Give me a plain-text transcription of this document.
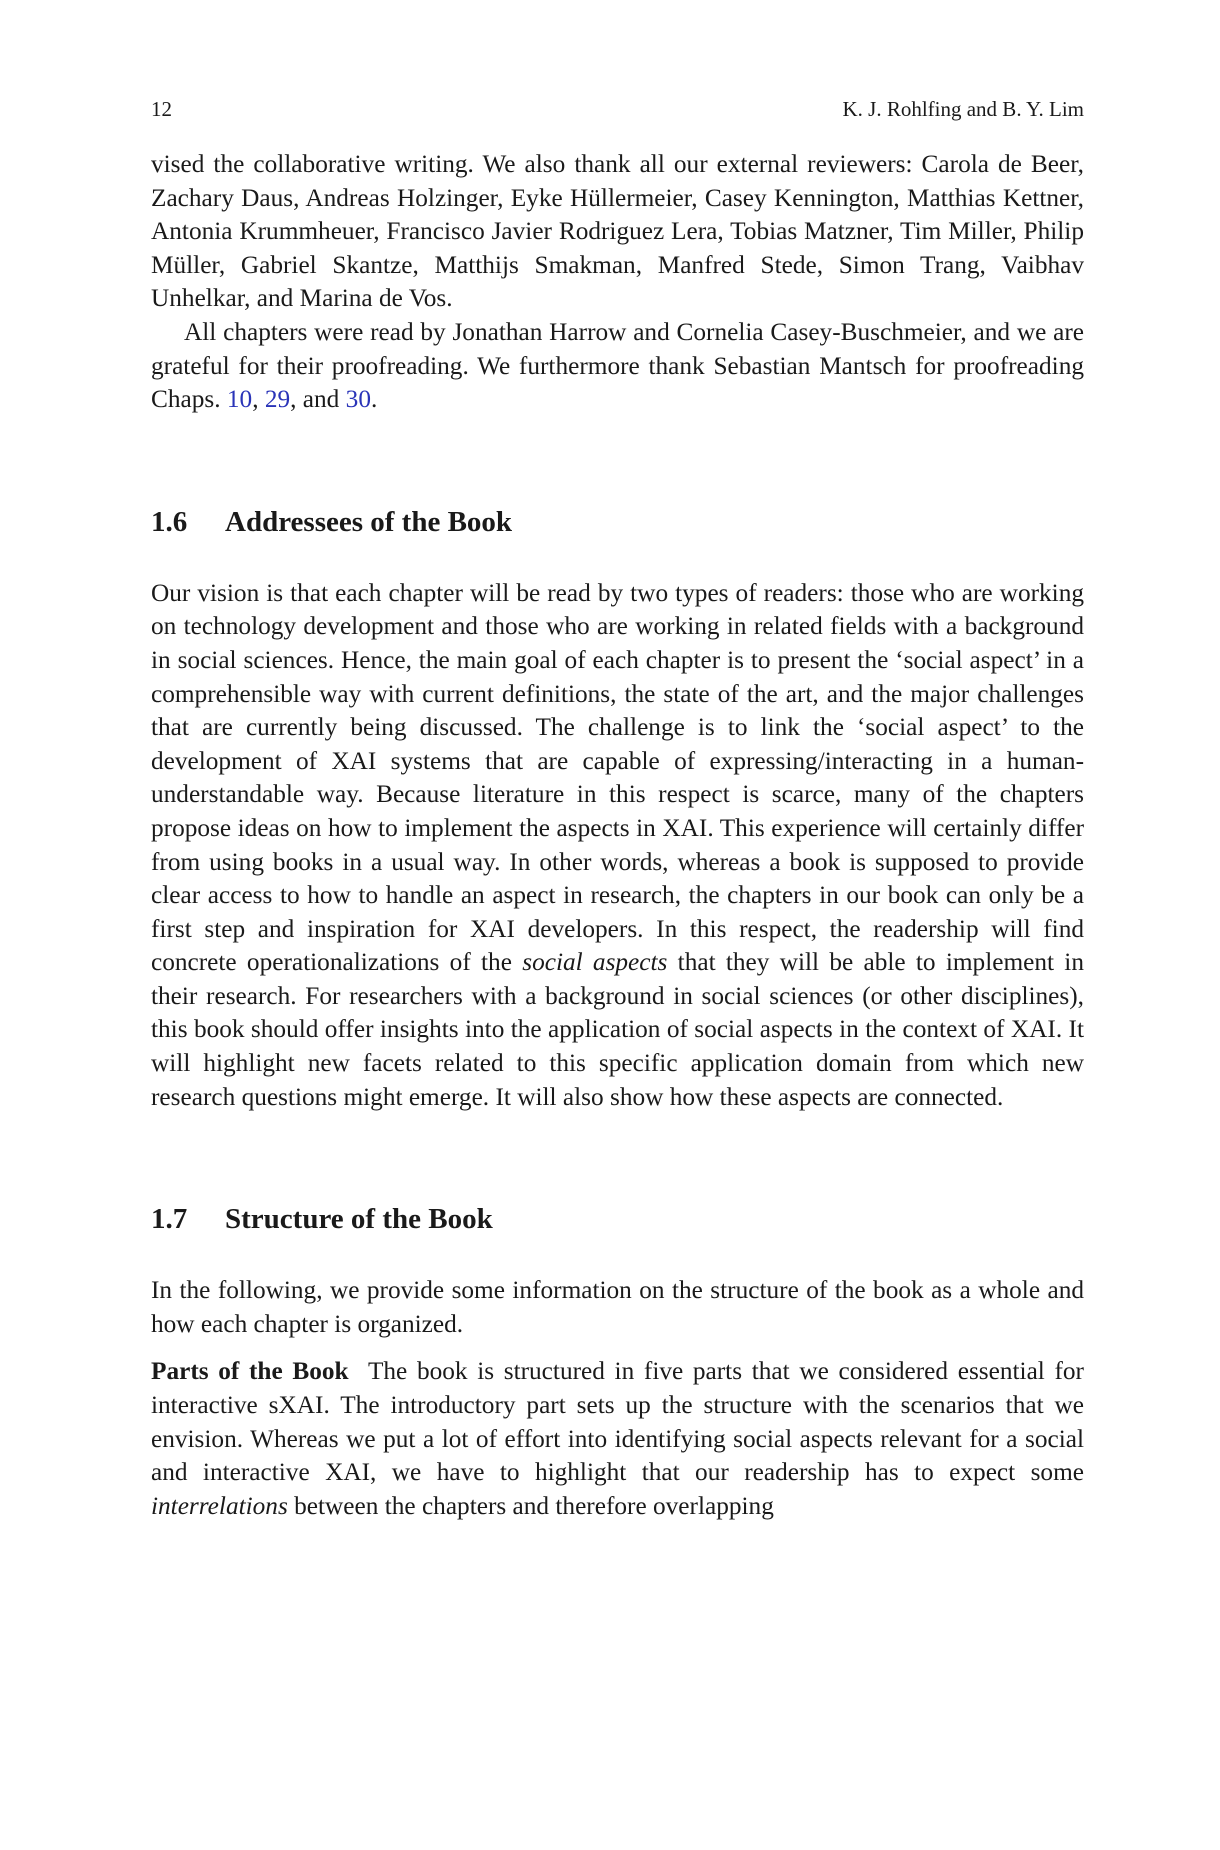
12	K. J. Rohlfing and B. Y. Lim

vised the collaborative writing. We also thank all our external reviewers: Carola de Beer, Zachary Daus, Andreas Holzinger, Eyke Hüllermeier, Casey Kennington, Matthias Kettner, Antonia Krummheuer, Francisco Javier Rodriguez Lera, Tobias Matzner, Tim Miller, Philip Müller, Gabriel Skantze, Matthijs Smakman, Manfred Stede, Simon Trang, Vaibhav Unhelkar, and Marina de Vos.

All chapters were read by Jonathan Harrow and Cornelia Casey-Buschmeier, and we are grateful for their proofreading. We furthermore thank Sebastian Mantsch for proofreading Chaps. 10, 29, and 30.

1.6 Addressees of the Book

Our vision is that each chapter will be read by two types of readers: those who are working on technology development and those who are working in related fields with a background in social sciences. Hence, the main goal of each chapter is to present the ‘social aspect’ in a comprehensible way with current definitions, the state of the art, and the major challenges that are currently being discussed. The challenge is to link the ‘social aspect’ to the development of XAI systems that are capable of expressing/interacting in a human-understandable way. Because literature in this respect is scarce, many of the chapters propose ideas on how to implement the aspects in XAI. This experience will certainly differ from using books in a usual way. In other words, whereas a book is supposed to provide clear access to how to handle an aspect in research, the chapters in our book can only be a first step and inspiration for XAI developers. In this respect, the readership will find concrete operationalizations of the social aspects that they will be able to implement in their research. For researchers with a background in social sciences (or other disciplines), this book should offer insights into the application of social aspects in the context of XAI. It will highlight new facets related to this specific application domain from which new research questions might emerge. It will also show how these aspects are connected.

1.7 Structure of the Book

In the following, we provide some information on the structure of the book as a whole and how each chapter is organized.

Parts of the Book The book is structured in five parts that we considered essential for interactive sXAI. The introductory part sets up the structure with the scenarios that we envision. Whereas we put a lot of effort into identifying social aspects relevant for a social and interactive XAI, we have to highlight that our readership has to expect some interrelations between the chapters and therefore overlapping
